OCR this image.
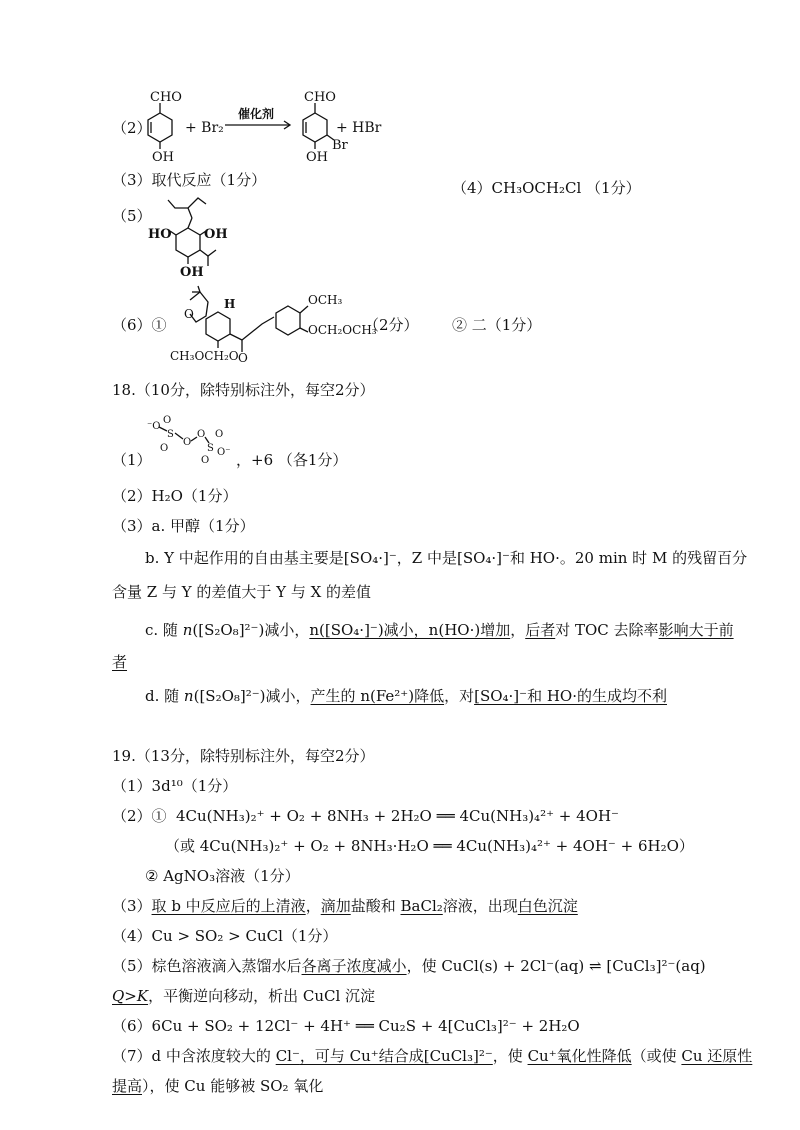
（2）
CHO
OH
+ Br₂
催化剂
CHO
OH
Br
+ HBr
（3）取代反应（1分）	（4）CH₃OCH₂Cl （1分）
（5）
HO OH
OH
（6）①
O
H
O
OCH₃
OCH₂OCH₃
CH₃OCH₂O
（2分） ② 二（1分）
18.（10分，除特别标注外，每空2分）
（1）
⁻O
O
S
O
O
O
S
O
O
O⁻ ，+6 （各1分）
（2）H₂O（1分）
（3）a. 甲醇（1分）
b. Y 中起作用的自由基主要是[SO₄·]⁻，Z 中是[SO₄·]⁻和 HO·。20 min 时 M 的残留百分
含量 Z 与 Y 的差值大于 Y 与 X 的差值
c. 随 n([S₂O₈]²⁻)减小，n([SO₄·]⁻)减小，n(HO·)增加，后者对 TOC 去除率影响大于前
者
d. 随 n([S₂O₈]²⁻)减小，产生的 n(Fe²⁺)降低，对[SO₄·]⁻和 HO·的生成均不利
19.（13分，除特别标注外，每空2分）
（1）3d¹⁰（1分）
（2）① 4Cu(NH₃)₂⁺ + O₂ + 8NH₃ + 2H₂O ══ 4Cu(NH₃)₄²⁺ + 4OH⁻
（或 4Cu(NH₃)₂⁺ + O₂ + 8NH₃·H₂O ══ 4Cu(NH₃)₄²⁺ + 4OH⁻ + 6H₂O）
② AgNO₃溶液（1分）
（3）取 b 中反应后的上清液，滴加盐酸和 BaCl₂溶液，出现白色沉淀
（4）Cu > SO₂ > CuCl（1分）
（5）棕色溶液滴入蒸馏水后各离子浓度减小，使 CuCl(s) + 2Cl⁻(aq) ⇌ [CuCl₃]²⁻(aq)
Q>K，平衡逆向移动，析出 CuCl 沉淀
（6）6Cu + SO₂ + 12Cl⁻ + 4H⁺ ══ Cu₂S + 4[CuCl₃]²⁻ + 2H₂O
（7）d 中含浓度较大的 Cl⁻，可与 Cu⁺结合成[CuCl₃]²⁻，使 Cu⁺氧化性降低（或使 Cu 还原性
提高），使 Cu 能够被 SO₂ 氧化
